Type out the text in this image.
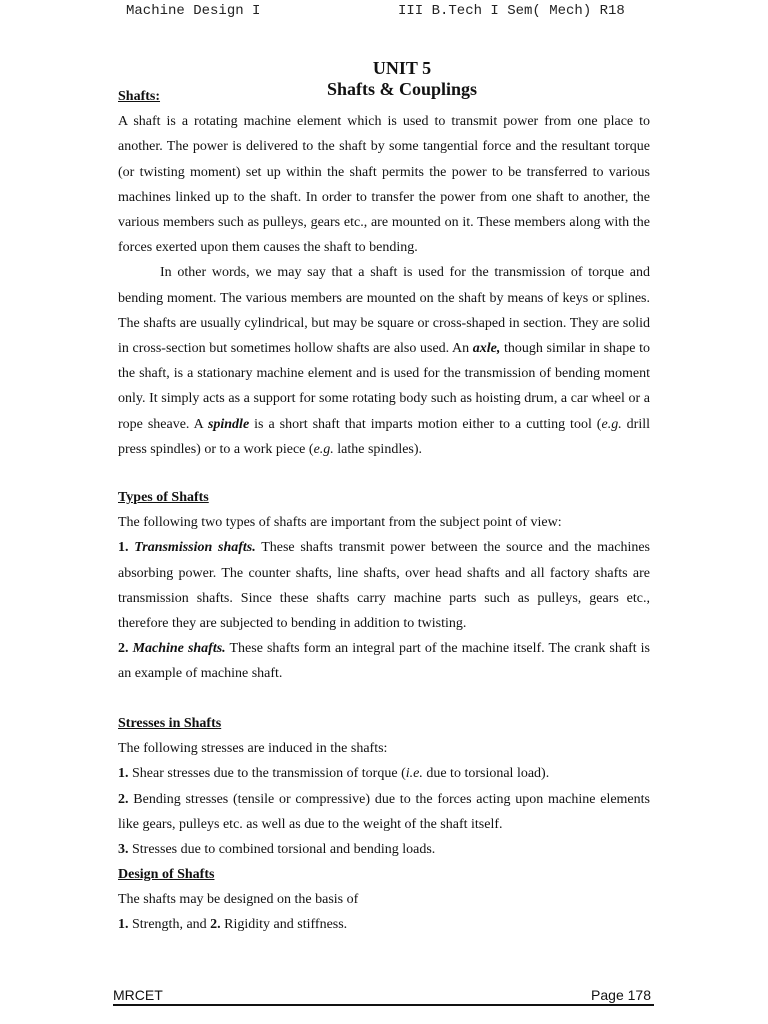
Machine Design I	III B.Tech I Sem( Mech) R18
UNIT 5
Shafts & Couplings

Shafts:

A shaft is a rotating machine element which is used to transmit power from one place to another. The power is delivered to the shaft by some tangential force and the resultant torque (or twisting moment) set up within the shaft permits the power to be transferred to various machines linked up to the shaft. In order to transfer the power from one shaft to another, the various members such as pulleys, gears etc., are mounted on it. These members along with the forces exerted upon them causes the shaft to bending.

In other words, we may say that a shaft is used for the transmission of torque and bending moment. The various members are mounted on the shaft by means of keys or splines. The shafts are usually cylindrical, but may be square or cross-shaped in section. They are solid in cross-section but sometimes hollow shafts are also used. An axle, though similar in shape to the shaft, is a stationary machine element and is used for the transmission of bending moment only. It simply acts as a support for some rotating body such as hoisting drum, a car wheel or a rope sheave. A spindle is a short shaft that imparts motion either to a cutting tool (e.g. drill press spindles) or to a work piece (e.g. lathe spindles).

Types of Shafts

The following two types of shafts are important from the subject point of view:

1. Transmission shafts. These shafts transmit power between the source and the machines absorbing power. The counter shafts, line shafts, over head shafts and all factory shafts are transmission shafts. Since these shafts carry machine parts such as pulleys, gears etc., therefore they are subjected to bending in addition to twisting.

2. Machine shafts. These shafts form an integral part of the machine itself. The crank shaft is an example of machine shaft.

Stresses in Shafts

The following stresses are induced in the shafts:

1. Shear stresses due to the transmission of torque (i.e. due to torsional load).

2. Bending stresses (tensile or compressive) due to the forces acting upon machine elements like gears, pulleys etc. as well as due to the weight of the shaft itself.

3. Stresses due to combined torsional and bending loads.

Design of Shafts

The shafts may be designed on the basis of

1. Strength, and 2. Rigidity and stiffness.

MRCET	Page 178
